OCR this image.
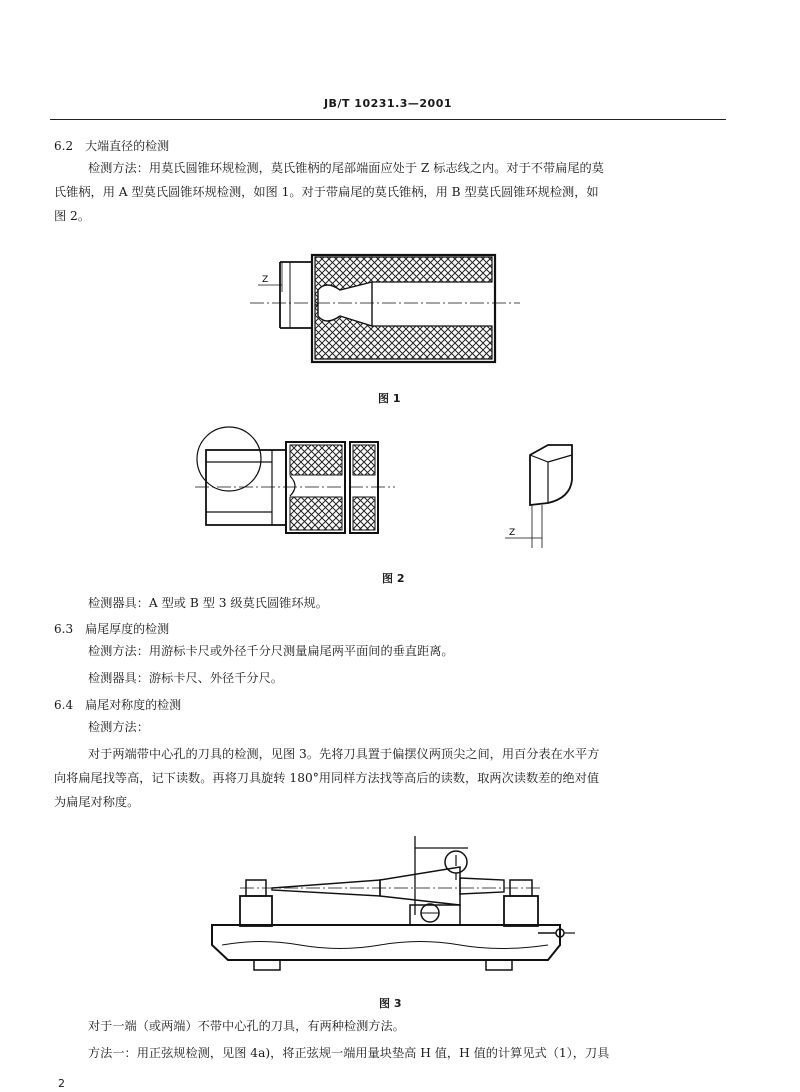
JB/T 10231.3—2001
6.2　大端直径的检测
检测方法：用莫氏圆锥环规检测，莫氏锥柄的尾部端面应处于 Z 标志线之内。对于不带扁尾的莫
氏锥柄，用 A 型莫氏圆锥环规检测，如图 1。对于带扁尾的莫氏锥柄，用 B 型莫氏圆锥环规检测，如
图 2。
Z
图 1
Z
图 2
检测器具：A 型或 B 型 3 级莫氏圆锥环规。
6.3　扁尾厚度的检测
检测方法：用游标卡尺或外径千分尺测量扁尾两平面间的垂直距离。
检测器具：游标卡尺、外径千分尺。
6.4　扁尾对称度的检测
检测方法：
对于两端带中心孔的刀具的检测，见图 3。先将刀具置于偏摆仪两顶尖之间，用百分表在水平方
向将扁尾找等高，记下读数。再将刀具旋转 180°用同样方法找等高后的读数，取两次读数差的绝对值
为扁尾对称度。
图 3
对于一端（或两端）不带中心孔的刀具，有两种检测方法。
方法一：用正弦规检测，见图 4a)，将正弦规一端用量块垫高 H 值，H 值的计算见式（1），刀具
2
